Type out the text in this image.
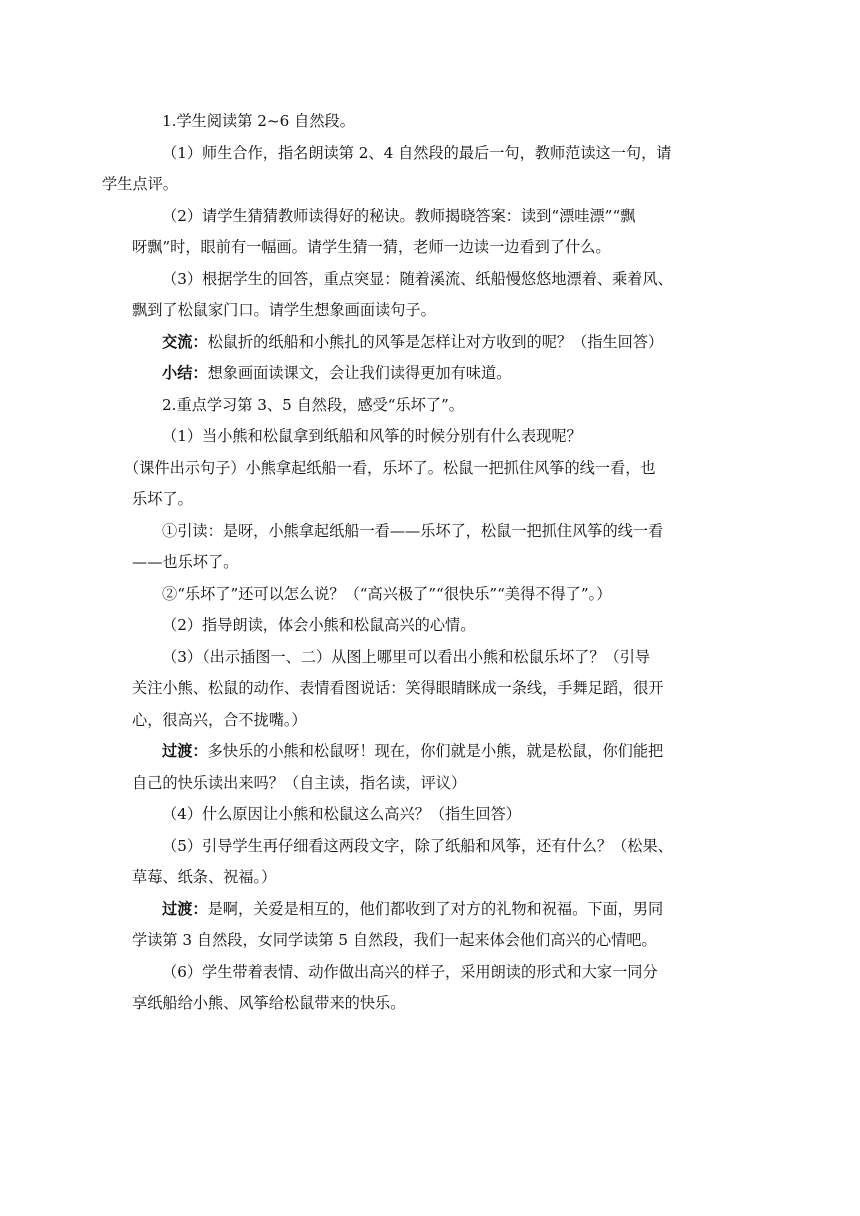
1.学生阅读第 2~6 自然段。

（1）师生合作，指名朗读第 2、4 自然段的最后一句，教师范读这一句，请
学生点评。

（2）请学生猜猜教师读得好的秘诀。教师揭晓答案：读到“漂哇漂”“飘
呀飘”时，眼前有一幅画。请学生猜一猜，老师一边读一边看到了什么。

（3）根据学生的回答，重点突显：随着溪流、纸船慢悠悠地漂着、乘着风、
飘到了松鼠家门口。请学生想象画面读句子。

交流：松鼠折的纸船和小熊扎的风筝是怎样让对方收到的呢？（指生回答）

小结：想象画面读课文，会让我们读得更加有味道。

2.重点学习第 3、5 自然段，感受“乐坏了”。

（1）当小熊和松鼠拿到纸船和风筝的时候分别有什么表现呢？

（课件出示句子）小熊拿起纸船一看，乐坏了。松鼠一把抓住风筝的线一看，也
乐坏了。

①引读：是呀，小熊拿起纸船一看——乐坏了，松鼠一把抓住风筝的线一看
——也乐坏了。

②“乐坏了”还可以怎么说？（“高兴极了”“很快乐”“美得不得了”。）

（2）指导朗读，体会小熊和松鼠高兴的心情。

（3）（出示插图一、二）从图上哪里可以看出小熊和松鼠乐坏了？（引导
关注小熊、松鼠的动作、表情看图说话：笑得眼睛眯成一条线，手舞足蹈，很开
心，很高兴，合不拢嘴。）

过渡：多快乐的小熊和松鼠呀！现在，你们就是小熊，就是松鼠，你们能把
自己的快乐读出来吗？（自主读，指名读，评议）

（4）什么原因让小熊和松鼠这么高兴？（指生回答）

（5）引导学生再仔细看这两段文字，除了纸船和风筝，还有什么？（松果、
草莓、纸条、祝福。）

过渡：是啊，关爱是相互的，他们都收到了对方的礼物和祝福。下面，男同
学读第 3 自然段，女同学读第 5 自然段，我们一起来体会他们高兴的心情吧。

（6）学生带着表情、动作做出高兴的样子，采用朗读的形式和大家一同分
享纸船给小熊、风筝给松鼠带来的快乐。
